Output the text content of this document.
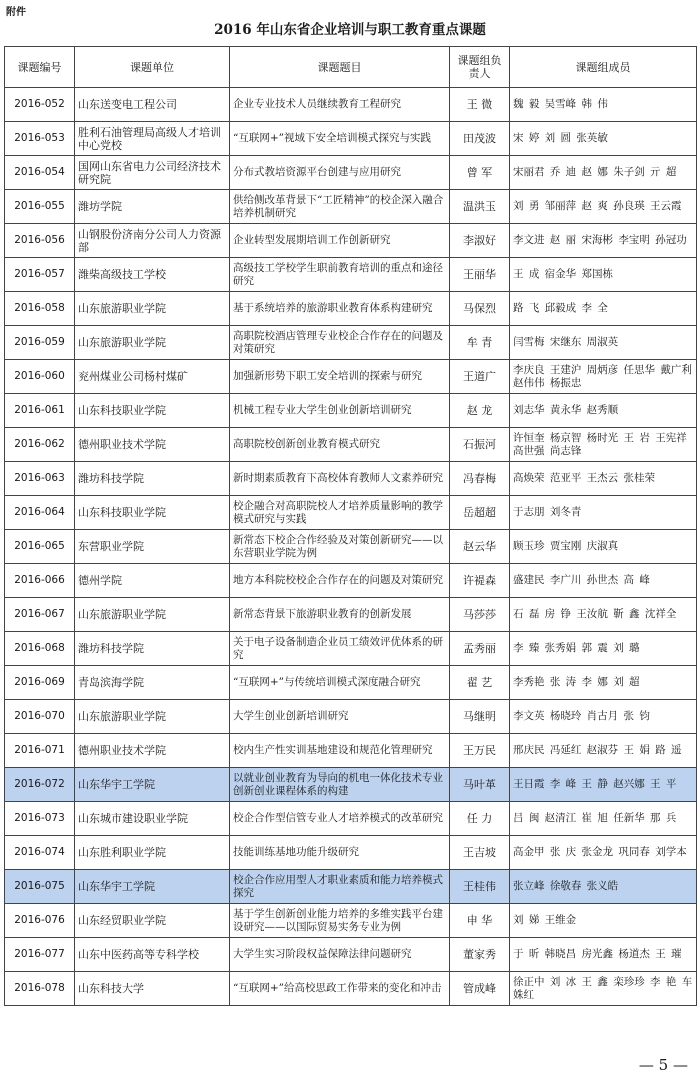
附件
2016 年山东省企业培训与职工教育重点课题
课题编号	课题单位	课题题目	课题组负责人	课题组成员
2016-052	山东送变电工程公司	企业专业技术人员继续教育工程研究	王 微	魏 毅 吴雪峰 韩 伟
2016-053	胜利石油管理局高级人才培训中心党校	“互联网+”视域下安全培训模式探究与实践	田茂波	宋 婷 刘 圆 张英敏
2016-054	国网山东省电力公司经济技术研究院	分布式教培资源平台创建与应用研究	曾 军	宋丽君 乔 迪 赵 娜 朱子剑 亓 超
2016-055	潍坊学院	供给侧改革背景下“工匠精神”的校企深入融合培养机制研究	温洪玉	刘 勇 邹丽萍 赵 爽 孙良瑛 王云霞
2016-056	山钢股份济南分公司人力资源部	企业转型发展期培训工作创新研究	李淑好	李文进 赵 丽 宋海彬 李宝明 孙冠功
2016-057	潍柴高级技工学校	高级技工学校学生职前教育培训的重点和途径研究	王丽华	王 成 宿金华 郑国栋
2016-058	山东旅游职业学院	基于系统培养的旅游职业教育体系构建研究	马保烈	路 飞 邱毅成 李 全
2016-059	山东旅游职业学院	高职院校酒店管理专业校企合作存在的问题及对策研究	牟 青	闫雪梅 宋继东 周淑英
2016-060	兖州煤业公司杨村煤矿	加强新形势下职工安全培训的探索与研究	王道广	李庆良 王建沪 周炳彦 任思华 戴广利 赵伟伟 杨振忠
2016-061	山东科技职业学院	机械工程专业大学生创业创新培训研究	赵 龙	刘志华 黄永华 赵秀顺
2016-062	德州职业技术学院	高职院校创新创业教育模式研究	石振河	许恒奎 杨京智 杨时光 王 岩 王宪祥 高世强 尚志锋
2016-063	潍坊科技学院	新时期素质教育下高校体育教师人文素养研究	冯春梅	高焕荣 范亚平 王杰云 张桂荣
2016-064	山东科技职业学院	校企融合对高职院校人才培养质量影响的教学模式研究与实践	岳超超	于志朋 刘冬青
2016-065	东营职业学院	新常态下校企合作经验及对策创新研究——以东营职业学院为例	赵云华	顾玉珍 贾宝刚 庆淑真
2016-066	德州学院	地方本科院校校企合作存在的问题及对策研究	许褆森	盛建民 李广川 孙世杰 高 峰
2016-067	山东旅游职业学院	新常态背景下旅游职业教育的创新发展	马莎莎	石 磊 房 铮 王汝航 靳 鑫 沈祥全
2016-068	潍坊科技学院	关于电子设备制造企业员工绩效评优体系的研究	孟秀丽	李 臻 张秀娟 郭 震 刘 璐
2016-069	青岛滨海学院	“互联网+”与传统培训模式深度融合研究	翟 艺	李秀艳 张 涛 李 娜 刘 超
2016-070	山东旅游职业学院	大学生创业创新培训研究	马继明	李文英 杨晓玲 肖古月 张 钧
2016-071	德州职业技术学院	校内生产性实训基地建设和规范化管理研究	王万民	邢庆民 冯延红 赵淑芬 王 娟 路 遥
2016-072	山东华宇工学院	以就业创业教育为导向的机电一体化技术专业创新创业课程体系的构建	马叶革	王日霞 李 峰 王 静 赵兴娜 王 平
2016-073	山东城市建设职业学院	校企合作型信管专业人才培养模式的改革研究	任 力	吕 闽 赵清江 崔 旭 任新华 那 兵
2016-074	山东胜利职业学院	技能训练基地功能升级研究	王吉坡	高金甲 张 庆 张金龙 巩同春 刘学本
2016-075	山东华宇工学院	校企合作应用型人才职业素质和能力培养模式探究	王桂伟	张立峰 徐敬春 张义皓
2016-076	山东经贸职业学院	基于学生创新创业能力培养的多维实践平台建设研究——以国际贸易实务专业为例	申 华	刘 娣 王维金
2016-077	山东中医药高等专科学校	大学生实习阶段权益保障法律问题研究	董家秀	于 昕 韩晓昌 房光鑫 杨道杰 王 璀
2016-078	山东科技大学	“互联网+”给高校思政工作带来的变化和冲击	管成峰	徐正中 刘 冰 王 鑫 栾珍珍 李 艳 车姝红
— 5 —
